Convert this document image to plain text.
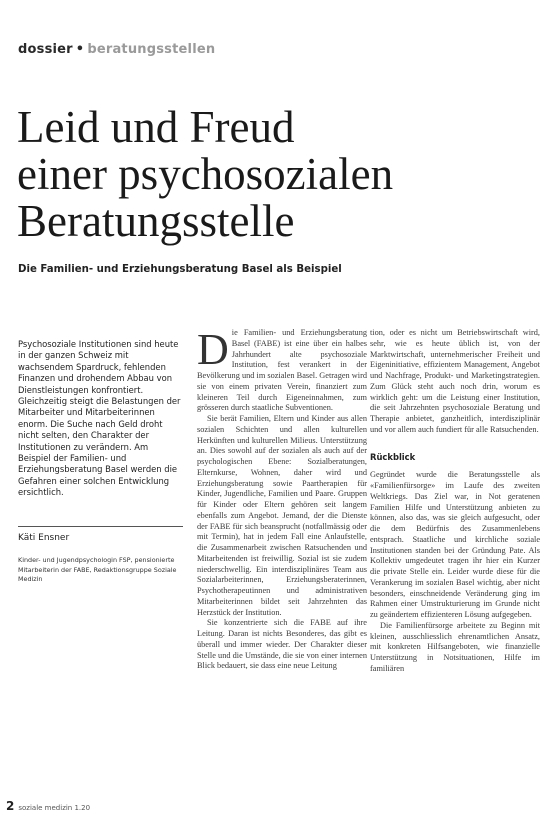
dossier • beratungsstellen
Leid und Freud
einer psychosozialen
Beratungsstelle
Die Familien- und Erziehungsberatung Basel als Beispiel
Psychosoziale Institutionen sind heute in der ganzen Schweiz mit wachsendem Spardruck, fehlenden Finanzen und drohendem Abbau von Dienstleistungen konfrontiert. Gleichzeitig steigt die Belastungen der Mitarbeiter und Mitarbeiterinnen enorm. Die Suche nach Geld droht nicht selten, den Charakter der Institutionen zu verändern. Am Beispiel der Familien- und Erziehungsberatung Basel werden die Gefahren einer solchen Entwicklung ersichtlich.
Käti Ensner
Kinder- und Jugendpsychologin FSP, pensionierte Mitarbeiterin der FABE, Redaktionsgruppe Soziale Medizin

Die Familien- und Erziehungsberatung Basel (FABE) ist eine über ein halbes Jahrhundert alte psychosoziale Institution, fest verankert in der Bevölkerung und im sozialen Basel. Getragen wird sie von einem privaten Verein, finanziert zum kleineren Teil durch Eigeneinnahmen, zum grösseren durch staatliche Subventionen.

Sie berät Familien, Eltern und Kinder aus allen sozialen Schichten und allen kulturellen Herkünften und kulturellen Milieus. Unterstützung an. Dies sowohl auf der sozialen als auch auf der psychologischen Ebene: Sozialberatungen, Elternkurse, Wohnen, daher wird und Erziehungsberatung sowie Paartherapien für Kinder, Jugendliche, Familien und Paare. Gruppen für Kinder oder Eltern gehören seit langem ebenfalls zum Angebot. Jemand, der die Dienste der FABE für sich beansprucht (notfallmässig oder mit Termin), hat in jedem Fall eine Anlaufstelle, die Zusammenarbeit zwischen Ratsuchenden und Mitarbeitenden ist freiwillig. Sozial ist sie zudem niederschwellig. Ein interdisziplinäres Team aus Sozialarbeiterinnen, Erziehungsberaterinnen, Psychotherapeutinnen und administrativen Mitarbeiterinnen bildet seit Jahrzehnten das Herzstück der Institution.

Sie konzentrierte sich die FABE auf ihre Leitung. Daran ist nichts Besonderes, das gibt es überall und immer wieder. Der Charakter dieser Stelle und die Umstände, die sie von einer internen Blick bedauert, sie dass eine neue Leitung

tion, oder es nicht um Betriebswirtschaft wird, sehr, wie es heute üblich ist, von der Marktwirtschaft, unternehmerischer Freiheit und Eigeninitiative, effizientem Management, Angebot und Nachfrage, Produkt- und Marketingstrategien. Zum Glück steht auch noch drin, worum es wirklich geht: um die Leistung einer Institution, die seit Jahrzehnten psychosoziale Beratung und Therapie anbietet, ganzheitlich, interdisziplinär und vor allem auch fundiert für alle Ratsuchenden.

Rückblick

Gegründet wurde die Beratungsstelle als «Familienfürsorge» im Laufe des zweiten Weltkriegs. Das Ziel war, in Not geratenen Familien Hilfe und Unterstützung anbieten zu können, also das, was sie gleich aufgesucht, oder die dem Bedürfnis des Zusammenlebens entsprach. Staatliche und kirchliche soziale Institutionen standen bei der Gründung Pate. Als Kollektiv umgedeutet tragen ihr hier ein Kurzer die private Stelle ein. Leider wurde diese für die Verankerung im sozialen Basel wichtig, aber nicht besonders, einschneidende Veränderung ging im Rahmen einer Umstrukturierung im Grunde nicht zu geändertem effizienteren Lösung aufgegeben.

Die Familienfürsorge arbeitete zu Beginn mit kleinen, ausschliesslich ehrenamtlichen Ansatz, mit konkreten Hilfsangeboten, wie finanzielle Unterstützung in Notsituationen, Hilfe im familiären

2 soziale medizin 1.20
